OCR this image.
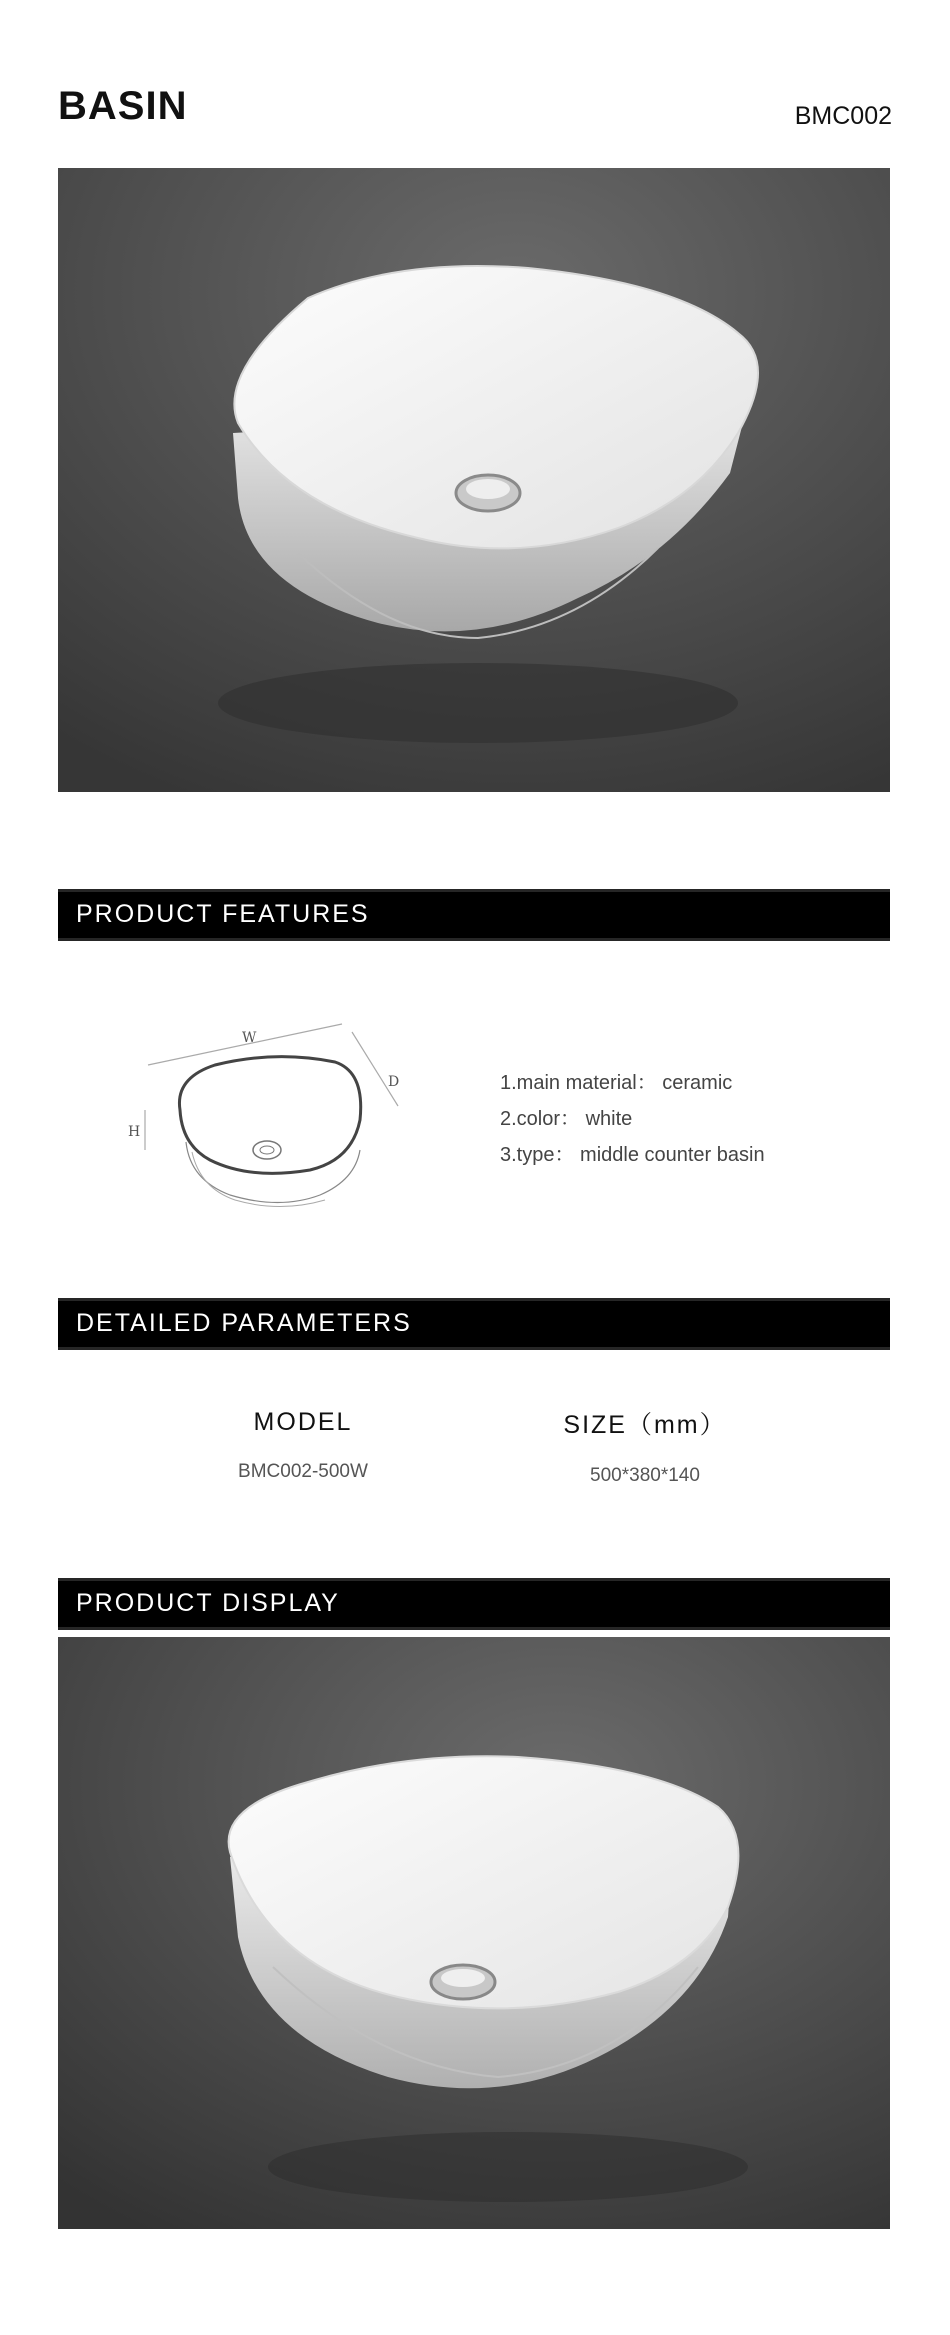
BASIN	BMC002
PRODUCT FEATURES
W
D
H
1.main material： ceramic
2.color： white
3.type： middle counter basin
DETAILED PARAMETERS
MODEL
BMC002-500W
SIZE（mm）
500*380*140
PRODUCT DISPLAY
